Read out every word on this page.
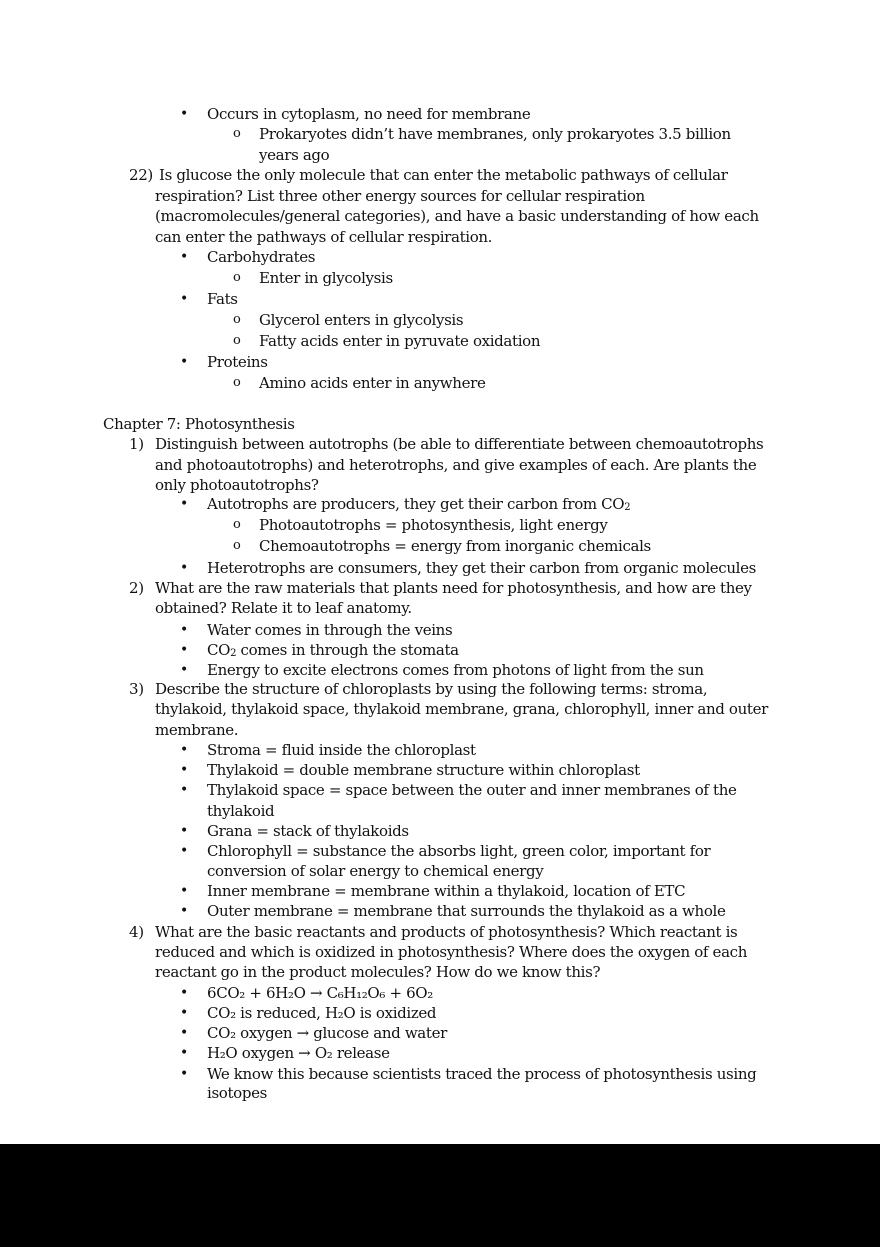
• Occurs in cytoplasm, no need for membrane
o Prokaryotes didn’t have membranes, only prokaryotes 3.5 billion
years ago
22) Is glucose the only molecule that can enter the metabolic pathways of cellular
respiration? List three other energy sources for cellular respiration
(macromolecules/general categories), and have a basic understanding of how each
can enter the pathways of cellular respiration.
• Carbohydrates
o Enter in glycolysis
• Fats
o Glycerol enters in glycolysis
o Fatty acids enter in pyruvate oxidation
• Proteins
o Amino acids enter in anywhere
Chapter 7: Photosynthesis
1) Distinguish between autotrophs (be able to differentiate between chemoautotrophs
and photoautotrophs) and heterotrophs, and give examples of each. Are plants the
only photoautotrophs?
• Autotrophs are producers, they get their carbon from $CO_2$
o Photoautotrophs = photosynthesis, light energy
o Chemoautotrophs = energy from inorganic chemicals
• Heterotrophs are consumers, they get their carbon from organic molecules
2) What are the raw materials that plants need for photosynthesis, and how are they
obtained? Relate it to leaf anatomy.
• Water comes in through the veins
• $CO_2$ comes in through the stomata
• Energy to excite electrons comes from photons of light from the sun
3) Describe the structure of chloroplasts by using the following terms: stroma,
thylakoid, thylakoid space, thylakoid membrane, grana, chlorophyll, inner and outer
membrane.
• Stroma = fluid inside the chloroplast
• Thylakoid = double membrane structure within chloroplast
• Thylakoid space = space between the outer and inner membranes of the
thylakoid
• Grana = stack of thylakoids
• Chlorophyll = substance the absorbs light, green color, important for
conversion of solar energy to chemical energy
• Inner membrane = membrane within a thylakoid, location of ETC
• Outer membrane = membrane that surrounds the thylakoid as a whole
4) What are the basic reactants and products of photosynthesis? Which reactant is
reduced and which is oxidized in photosynthesis? Where does the oxygen of each
reactant go in the product molecules? How do we know this?
• 6CO₂ + 6H₂O → C₆H₁₂O₆ + 6O₂
• CO₂ is reduced, H₂O is oxidized
• CO₂ oxygen → glucose and water
• H₂O oxygen → O₂ release
• We know this because scientists traced the process of photosynthesis using
isotopes
